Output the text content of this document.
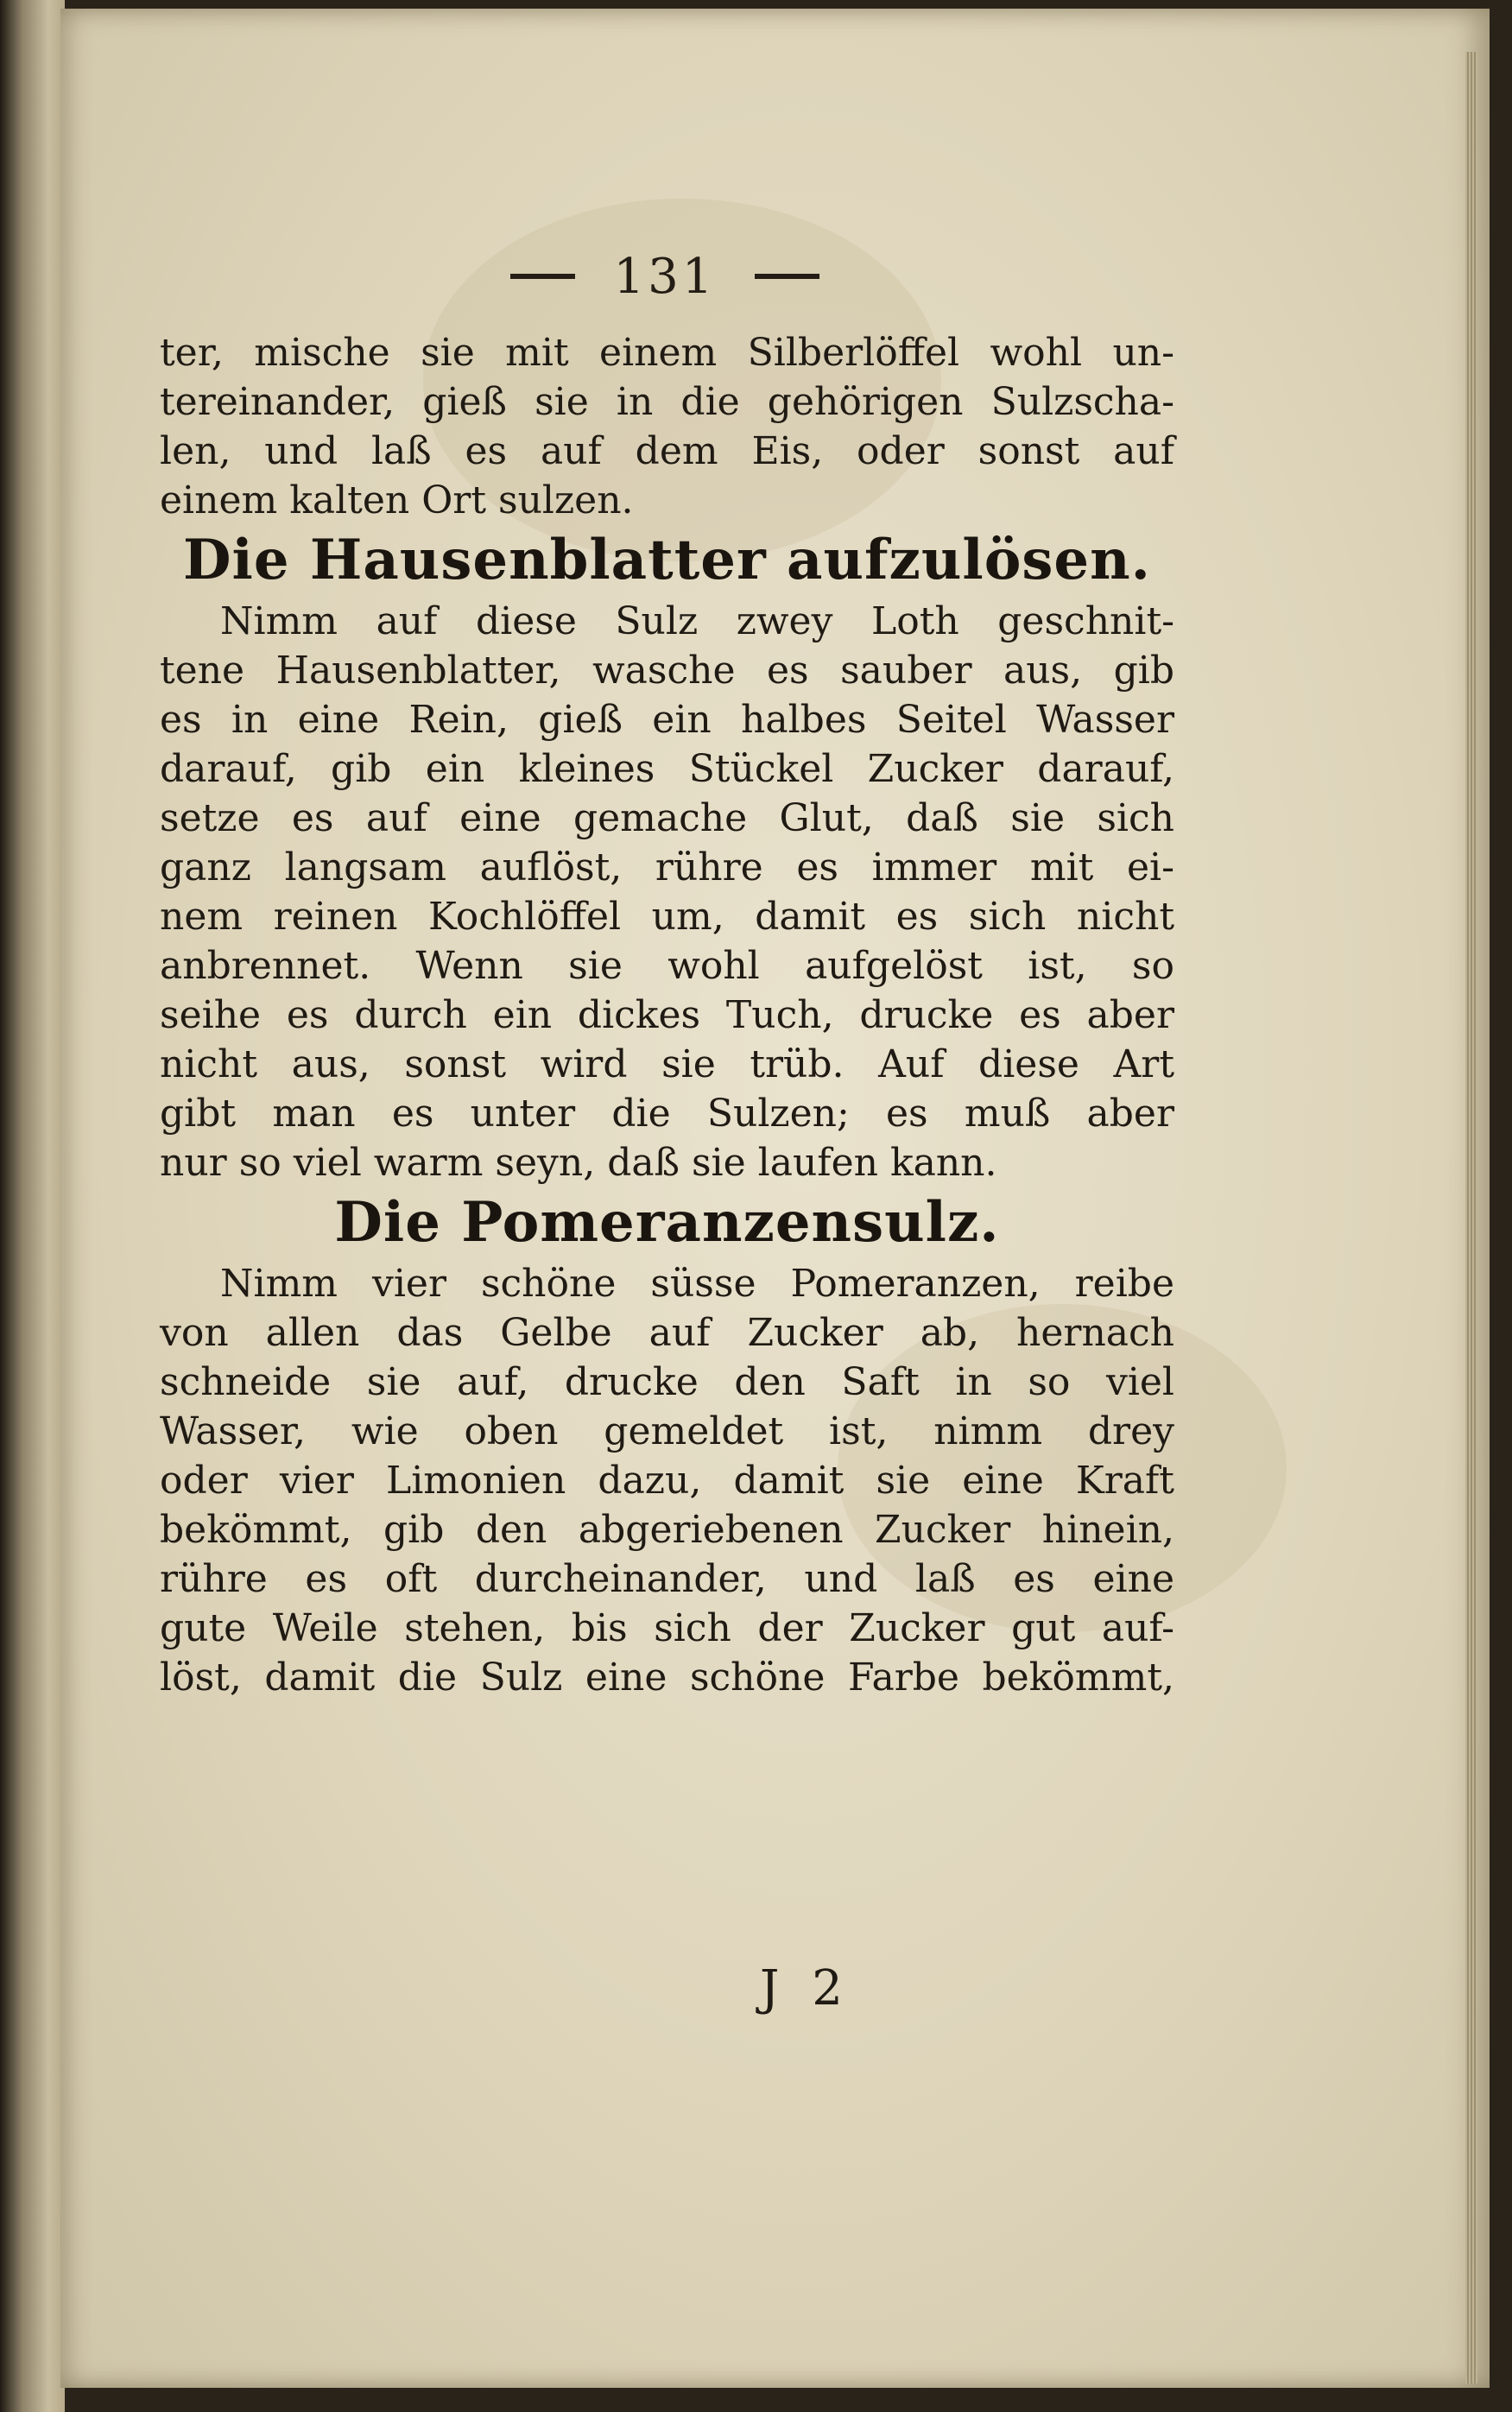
131
ter, mische sie mit einem Silberlöffel wohl un-
tereinander, gieß sie in die gehörigen Sulzscha-
len, und laß es auf dem Eis, oder sonst auf
einem kalten Ort sulzen.
Die Hausenblatter aufzulösen.
Nimm auf diese Sulz zwey Loth geschnit-
tene Hausenblatter, wasche es sauber aus, gib
es in eine Rein, gieß ein halbes Seitel Wasser
darauf, gib ein kleines Stückel Zucker darauf,
setze es auf eine gemache Glut, daß sie sich
ganz langsam auflöst, rühre es immer mit ei-
nem reinen Kochlöffel um, damit es sich nicht
anbrennet. Wenn sie wohl aufgelöst ist, so
seihe es durch ein dickes Tuch, drucke es aber
nicht aus, sonst wird sie trüb. Auf diese Art
gibt man es unter die Sulzen; es muß aber
nur so viel warm seyn, daß sie laufen kann.
Die Pomeranzensulz.
Nimm vier schöne süsse Pomeranzen, reibe
von allen das Gelbe auf Zucker ab, hernach
schneide sie auf, drucke den Saft in so viel
Wasser, wie oben gemeldet ist, nimm drey
oder vier Limonien dazu, damit sie eine Kraft
bekömmt, gib den abgeriebenen Zucker hinein,
rühre es oft durcheinander, und laß es eine
gute Weile stehen, bis sich der Zucker gut auf-
löst, damit die Sulz eine schöne Farbe bekömmt,
J 2
